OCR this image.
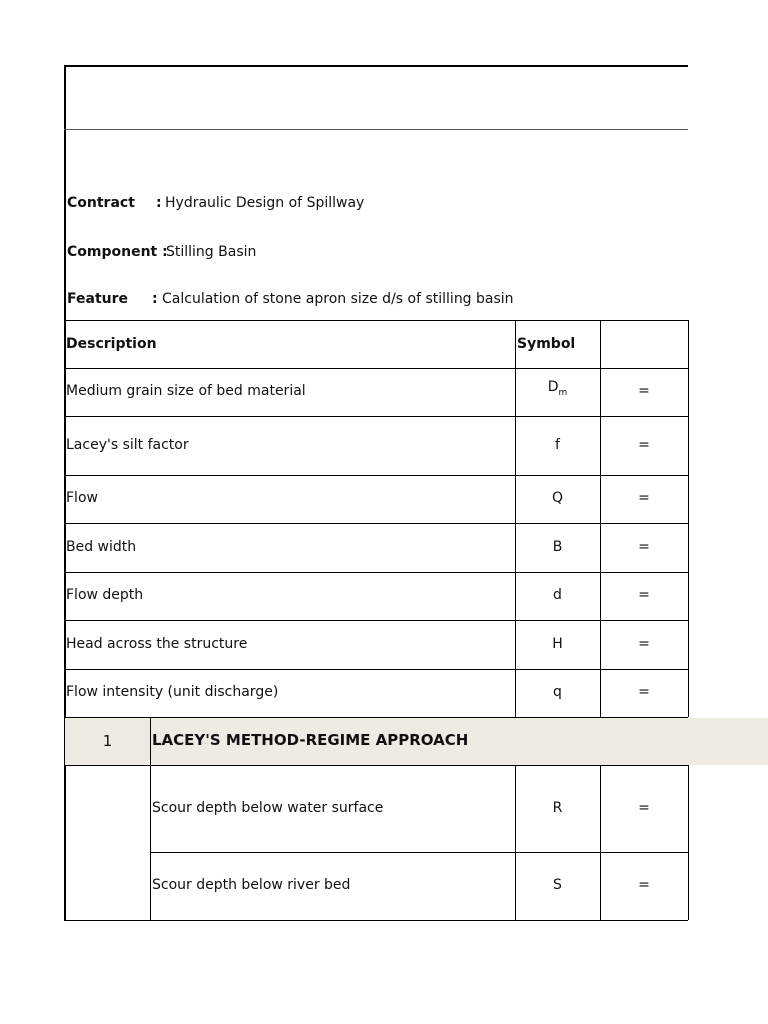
Contract : Hydraulic Design of Spillway
Component :
Stilling Basin
Feature : Calculation of stone apron size d/s of stilling basin
Description	Symbol
Medium grain size of bed material	$D_m$	=
Lacey's silt factor	f	=
Flow	Q	=
Bed width	B	=
Flow depth	d	=
Head across the structure	H	=
Flow intensity (unit discharge)	q	=
1	LACEY'S METHOD-REGIME APPROACH
Scour depth below water surface	R	=
Scour depth below river bed	S	=
